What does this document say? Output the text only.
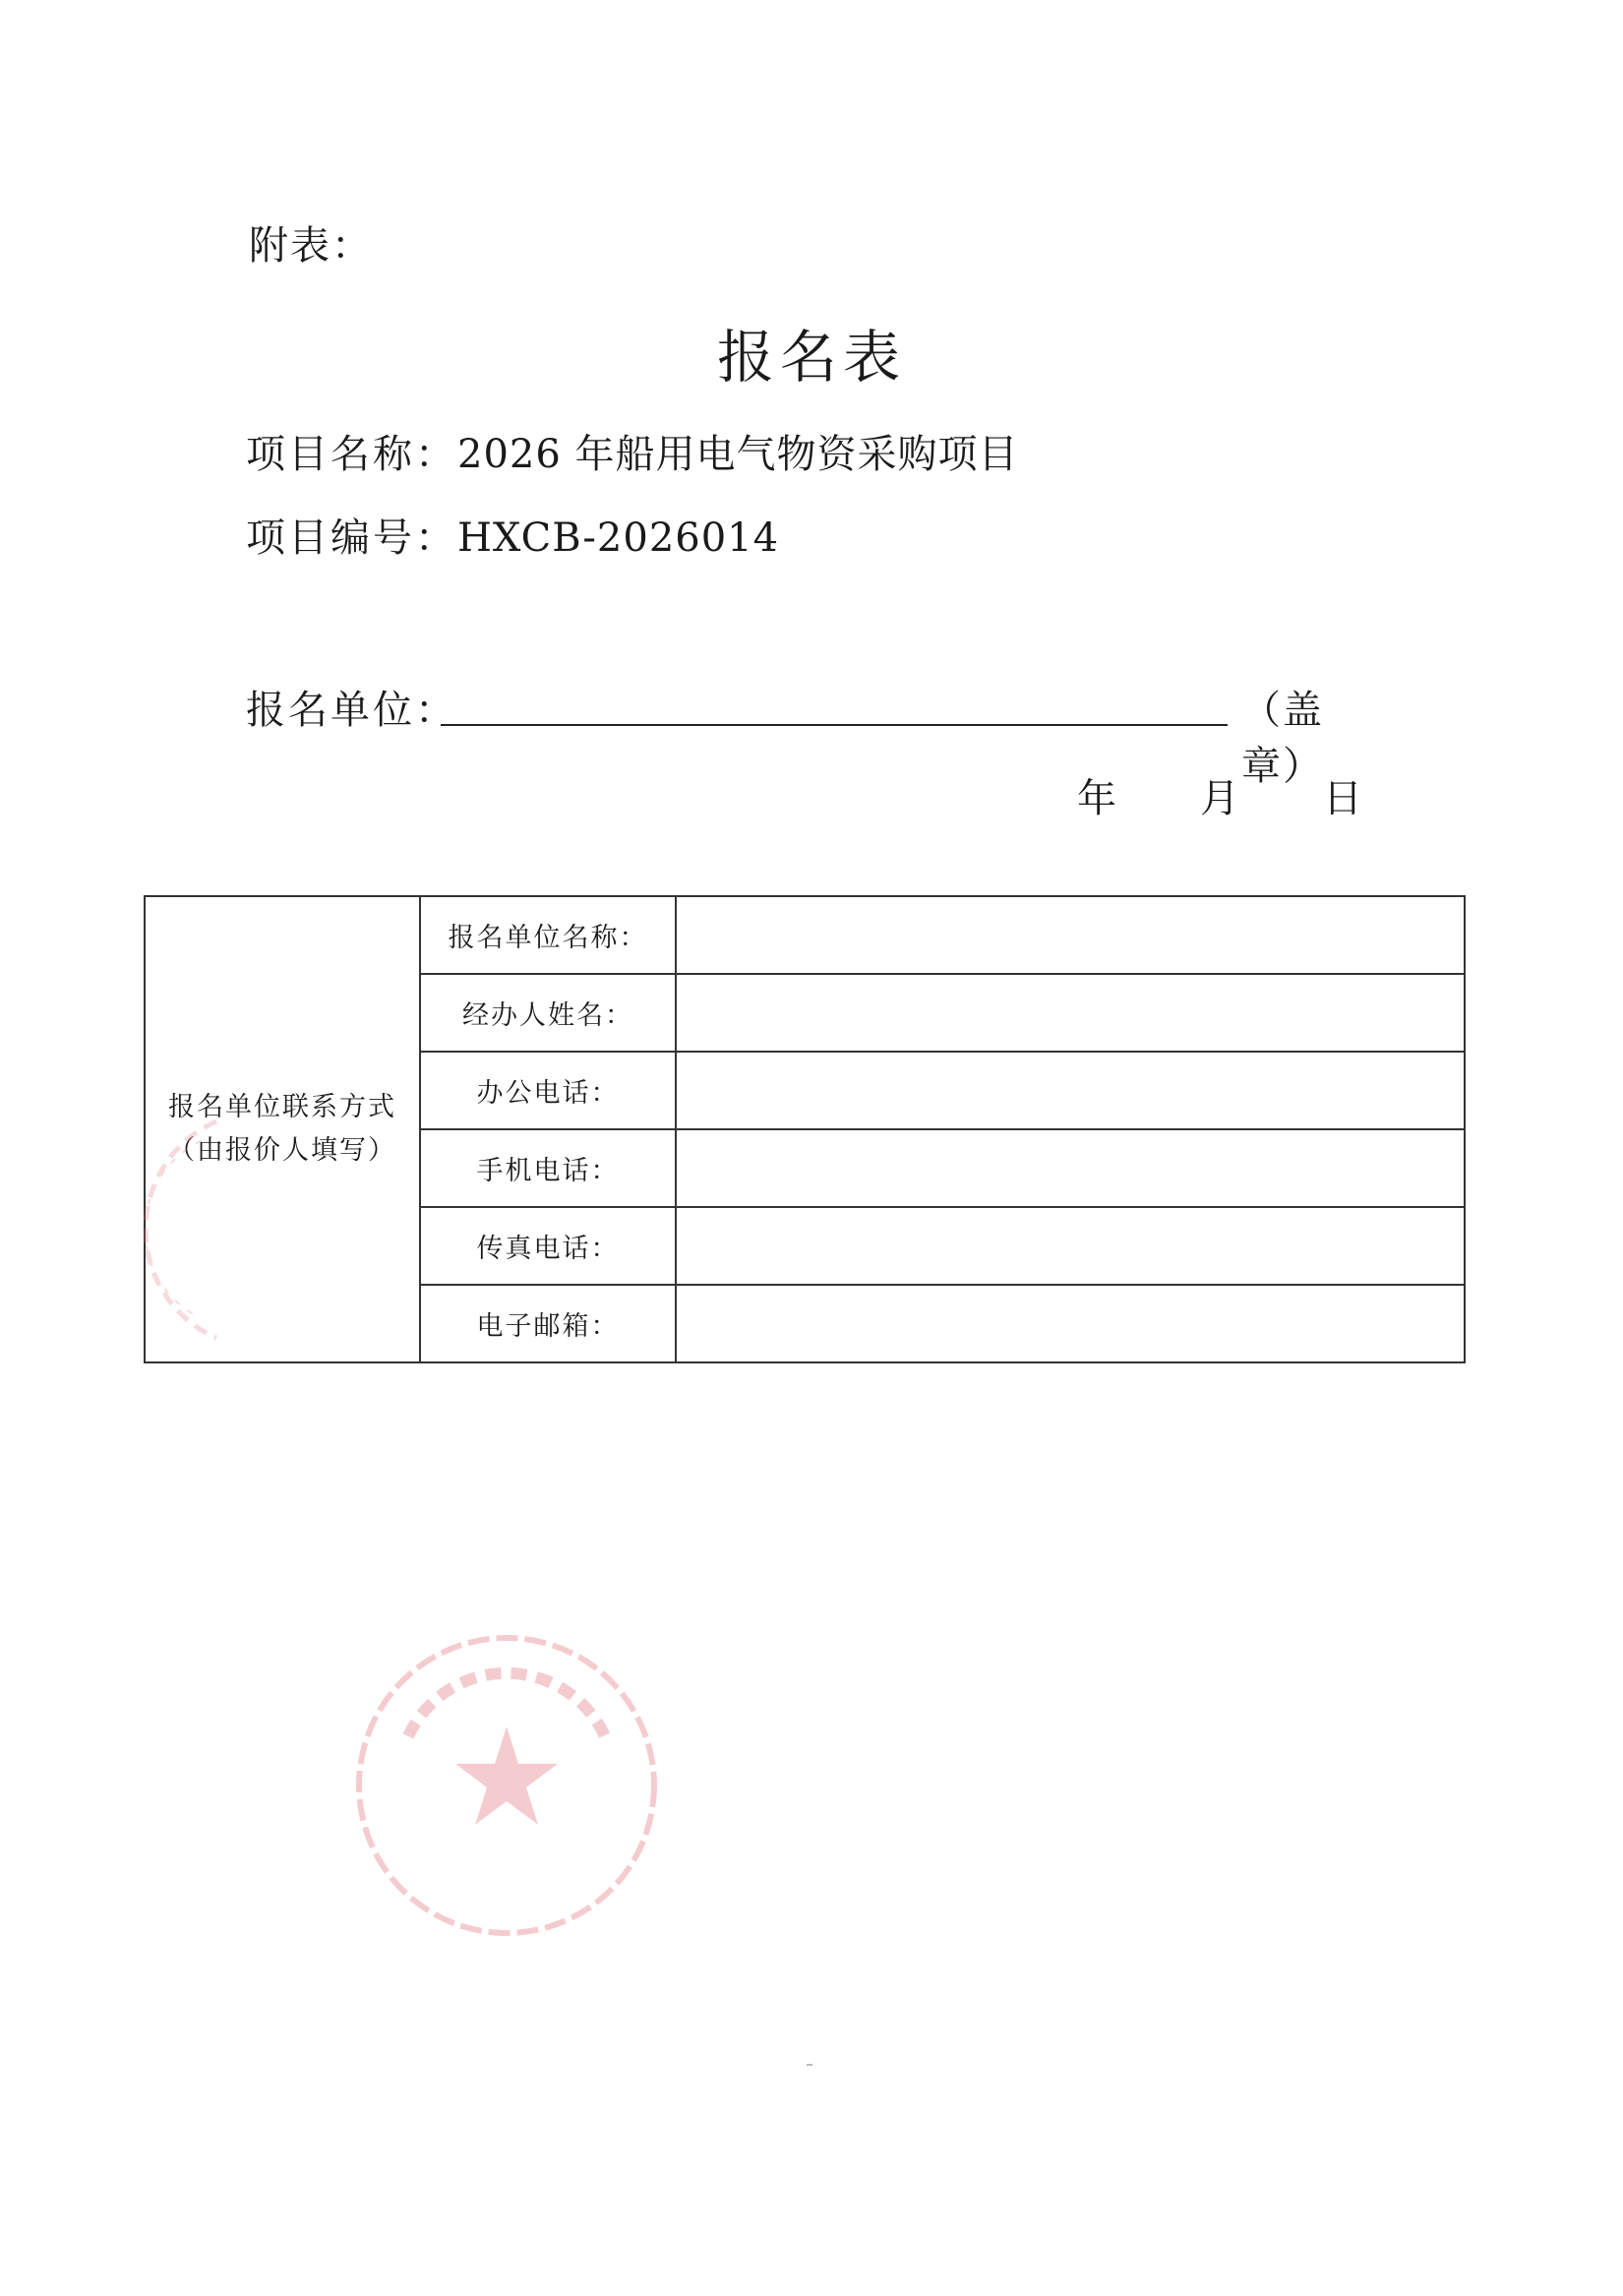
附表：
报名表
项目名称：2026 年船用电气物资采购项目
项目编号：HXCB-2026014
报名单位：	（盖章）
年 月 日
报名单位联系方式
（由报价人填写）	报名单位名称：	
	经办人姓名：	
	办公电话：	
	手机电话：	
	传真电话：	
	电子邮箱：	
